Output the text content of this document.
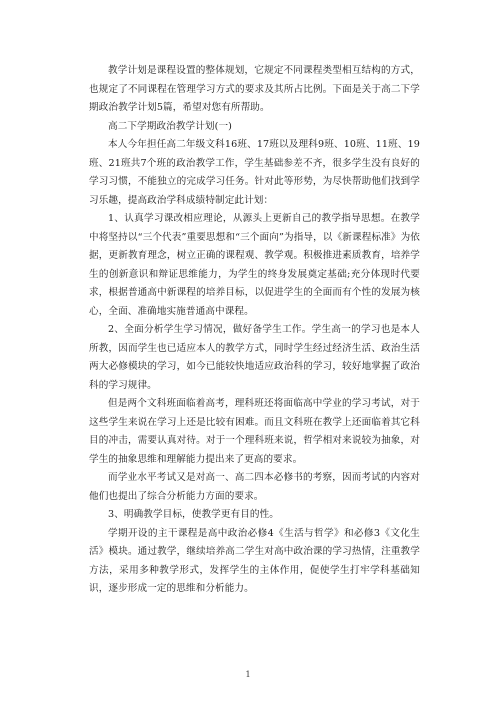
教学计划是课程设置的整体规划，它规定不同课程类型相互结构的方式，也规定了不同课程在管理学习方式的要求及其所占比例。下面是关于高二下学期政治教学计划5篇，希望对您有所帮助。

高二下学期政治教学计划(一)

本人今年担任高二年级文科16班、17班以及理科9班、10班、11班、19班、21班共7个班的政治教学工作，学生基础参差不齐，很多学生没有良好的学习习惯，不能独立的完成学习任务。针对此等形势，为尽快帮助他们找到学习乐趣，提高政治学科成绩特制定此计划：

1、认真学习课改相应理论，从源头上更新自己的教学指导思想。在教学中将坚持以“三个代表”重要思想和“三个面向”为指导，以《新课程标准》为依据，更新教育理念，树立正确的课程观、教学观。积极推进素质教育，培养学生的创新意识和辩证思维能力，为学生的终身发展奠定基础;充分体现时代要求，根据普通高中新课程的培养目标，以促进学生的全面而有个性的发展为核心，全面、准确地实施普通高中课程。

2、全面分析学生学习情况，做好备学生工作。学生高一的学习也是本人所教，因而学生也已适应本人的教学方式，同时学生经过经济生活、政治生活两大必修模块的学习，如今已能较快地适应政治科的学习，较好地掌握了政治科的学习规律。

但是两个文科班面临着高考，理科班还将面临高中学业的学习考试，对于这些学生来说在学习上还是比较有困难。而且文科班在教学上还面临着其它科目的冲击，需要认真对待。对于一个理科班来说，哲学相对来说较为抽象，对学生的抽象思维和理解能力提出来了更高的要求。

而学业水平考试又是对高一、高二四本必修书的考察，因而考试的内容对他们也提出了综合分析能力方面的要求。

3、明确教学目标，使教学更有目的性。

学期开设的主干课程是高中政治必修4《生活与哲学》和必修3《文化生活》模块。通过教学，继续培养高二学生对高中政治课的学习热情，注重教学方法，采用多种教学形式，发挥学生的主体作用，促使学生打牢学科基础知识，逐步形成一定的思维和分析能力。

1
